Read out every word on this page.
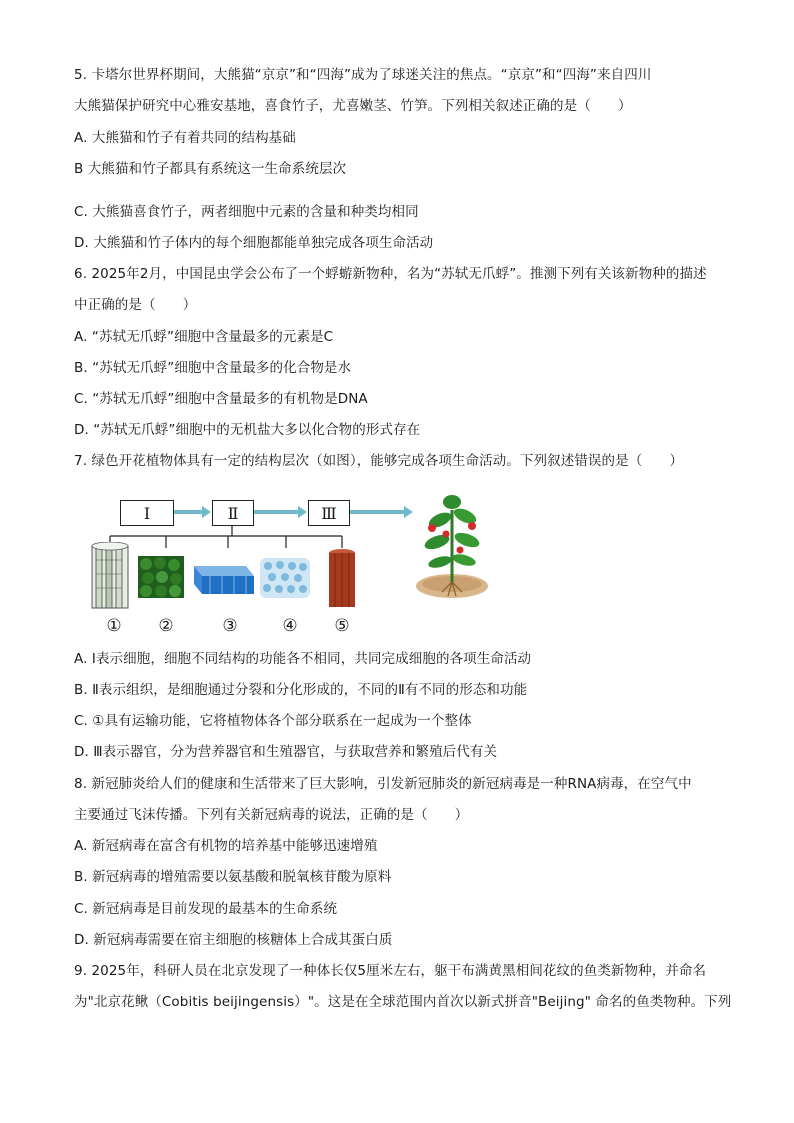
5. 卡塔尔世界杯期间，大熊猫“京京”和“四海”成为了球迷关注的焦点。“京京”和“四海”来自四川
大熊猫保护研究中心雅安基地，喜食竹子，尤喜嫩茎、竹笋。下列相关叙述正确的是（　　）
A. 大熊猫和竹子有着共同的结构基础
B 大熊猫和竹子都具有系统这一生命系统层次
C. 大熊猫喜食竹子，两者细胞中元素的含量和种类均相同
D. 大熊猫和竹子体内的每个细胞都能单独完成各项生命活动
6. 2025年2月，中国昆虫学会公布了一个蜉蝣新物种，名为“苏轼无爪蜉”。推测下列有关该新物种的描述
中正确的是（　　）
A. “苏轼无爪蜉”细胞中含量最多的元素是C
B. “苏轼无爪蜉”细胞中含量最多的化合物是水
C. “苏轼无爪蜉”细胞中含量最多的有机物是DNA
D. “苏轼无爪蜉”细胞中的无机盐大多以化合物的形式存在
7. 绿色开花植物体具有一定的结构层次（如图），能够完成各项生命活动。下列叙述错误的是（　　）
Ⅰ	Ⅱ	Ⅲ
① ②	③	④ ⑤
A. Ⅰ表示细胞，细胞不同结构的功能各不相同，共同完成细胞的各项生命活动
B. Ⅱ表示组织，是细胞通过分裂和分化形成的，不同的Ⅱ有不同的形态和功能
C. ①具有运输功能，它将植物体各个部分联系在一起成为一个整体
D. Ⅲ表示器官，分为营养器官和生殖器官，与获取营养和繁殖后代有关
8. 新冠肺炎给人们的健康和生活带来了巨大影响，引发新冠肺炎的新冠病毒是一种RNA病毒，在空气中
主要通过飞沫传播。下列有关新冠病毒的说法，正确的是（　　）
A. 新冠病毒在富含有机物的培养基中能够迅速增殖
B. 新冠病毒的增殖需要以氨基酸和脱氧核苷酸为原料
C. 新冠病毒是目前发现的最基本的生命系统
D. 新冠病毒需要在宿主细胞的核糖体上合成其蛋白质
9. 2025年，科研人员在北京发现了一种体长仅5厘米左右，躯干布满黄黑相间花纹的鱼类新物种，并命名
为"北京花鳅（Cobitis beijingensis）"。这是在全球范围内首次以新式拼音"Beijing" 命名的鱼类物种。下列
